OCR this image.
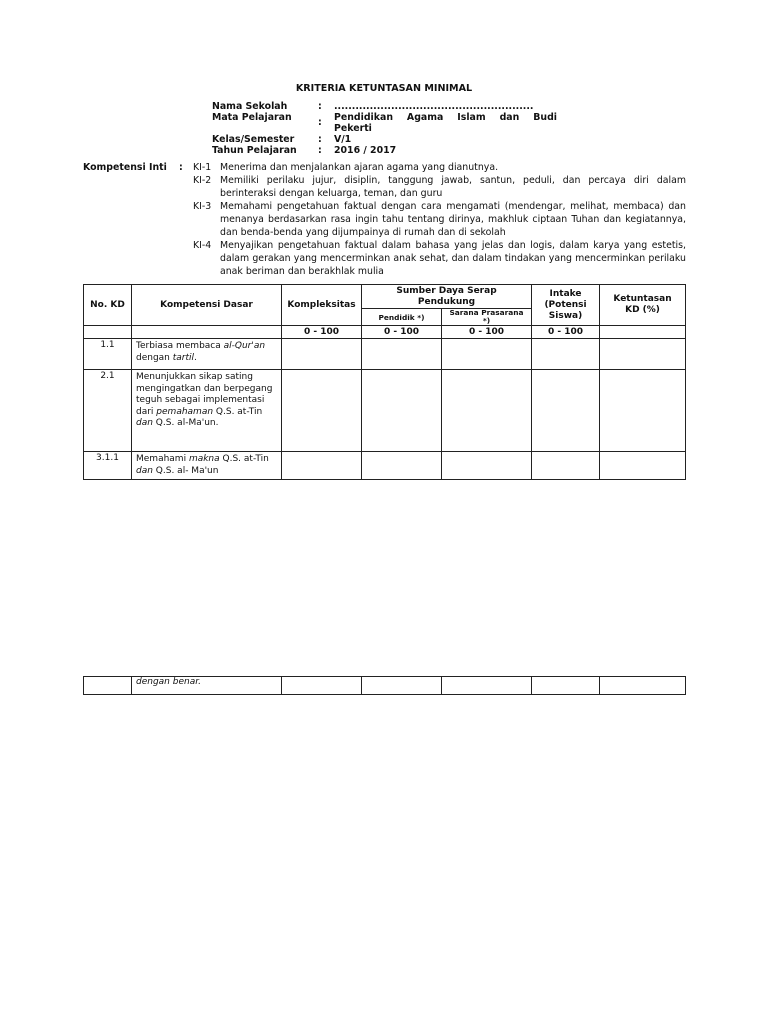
KRITERIA KETUNTASAN MINIMAL
Nama Sekolah	:	........................................................
Mata Pelajaran	:	Pendidikan Agama Islam dan Budi
Pekerti
Kelas/Semester	:	V/1
Tahun Pelajaran	:	2016 / 2017
Kompetensi Inti : KI-1 Menerima dan menjalankan ajaran agama yang dianutnya.
KI-2 Memiliki perilaku jujur, disiplin, tanggung jawab, santun, peduli, dan percaya diri dalam berinteraksi dengan keluarga, teman, dan guru
KI-3 Memahami pengetahuan faktual dengan cara mengamati (mendengar, melihat, membaca) dan menanya berdasarkan rasa ingin tahu tentang dirinya, makhluk ciptaan Tuhan dan kegiatannya, dan benda-benda yang dijumpainya di rumah dan di sekolah
KI-4 Menyajikan pengetahuan faktual dalam bahasa yang jelas dan logis, dalam karya yang estetis, dalam gerakan yang mencerminkan anak sehat, dan dalam tindakan yang mencerminkan perilaku anak beriman dan berakhlak mulia
No. KD	Kompetensi Dasar	Kompleksitas	Sumber Daya Serap Pendukung		Intake (Potensi Siswa)	Ketuntasan KD (%)
			Pendidik *)	Sarana Prasarana *)		
		0 - 100	0 - 100	0 - 100	0 - 100	
1.1	Terbiasa membaca al-Qur'an dengan tartil.					
2.1	Menunjukkan sikap sating mengingatkan dan berpegang teguh sebagai implementasi dari pemahaman Q.S. at-Tin dan Q.S. al-Ma'un.					
3.1.1	Memahami makna Q.S. at-Tin dan Q.S. al- Ma'un					
	dengan benar.					
